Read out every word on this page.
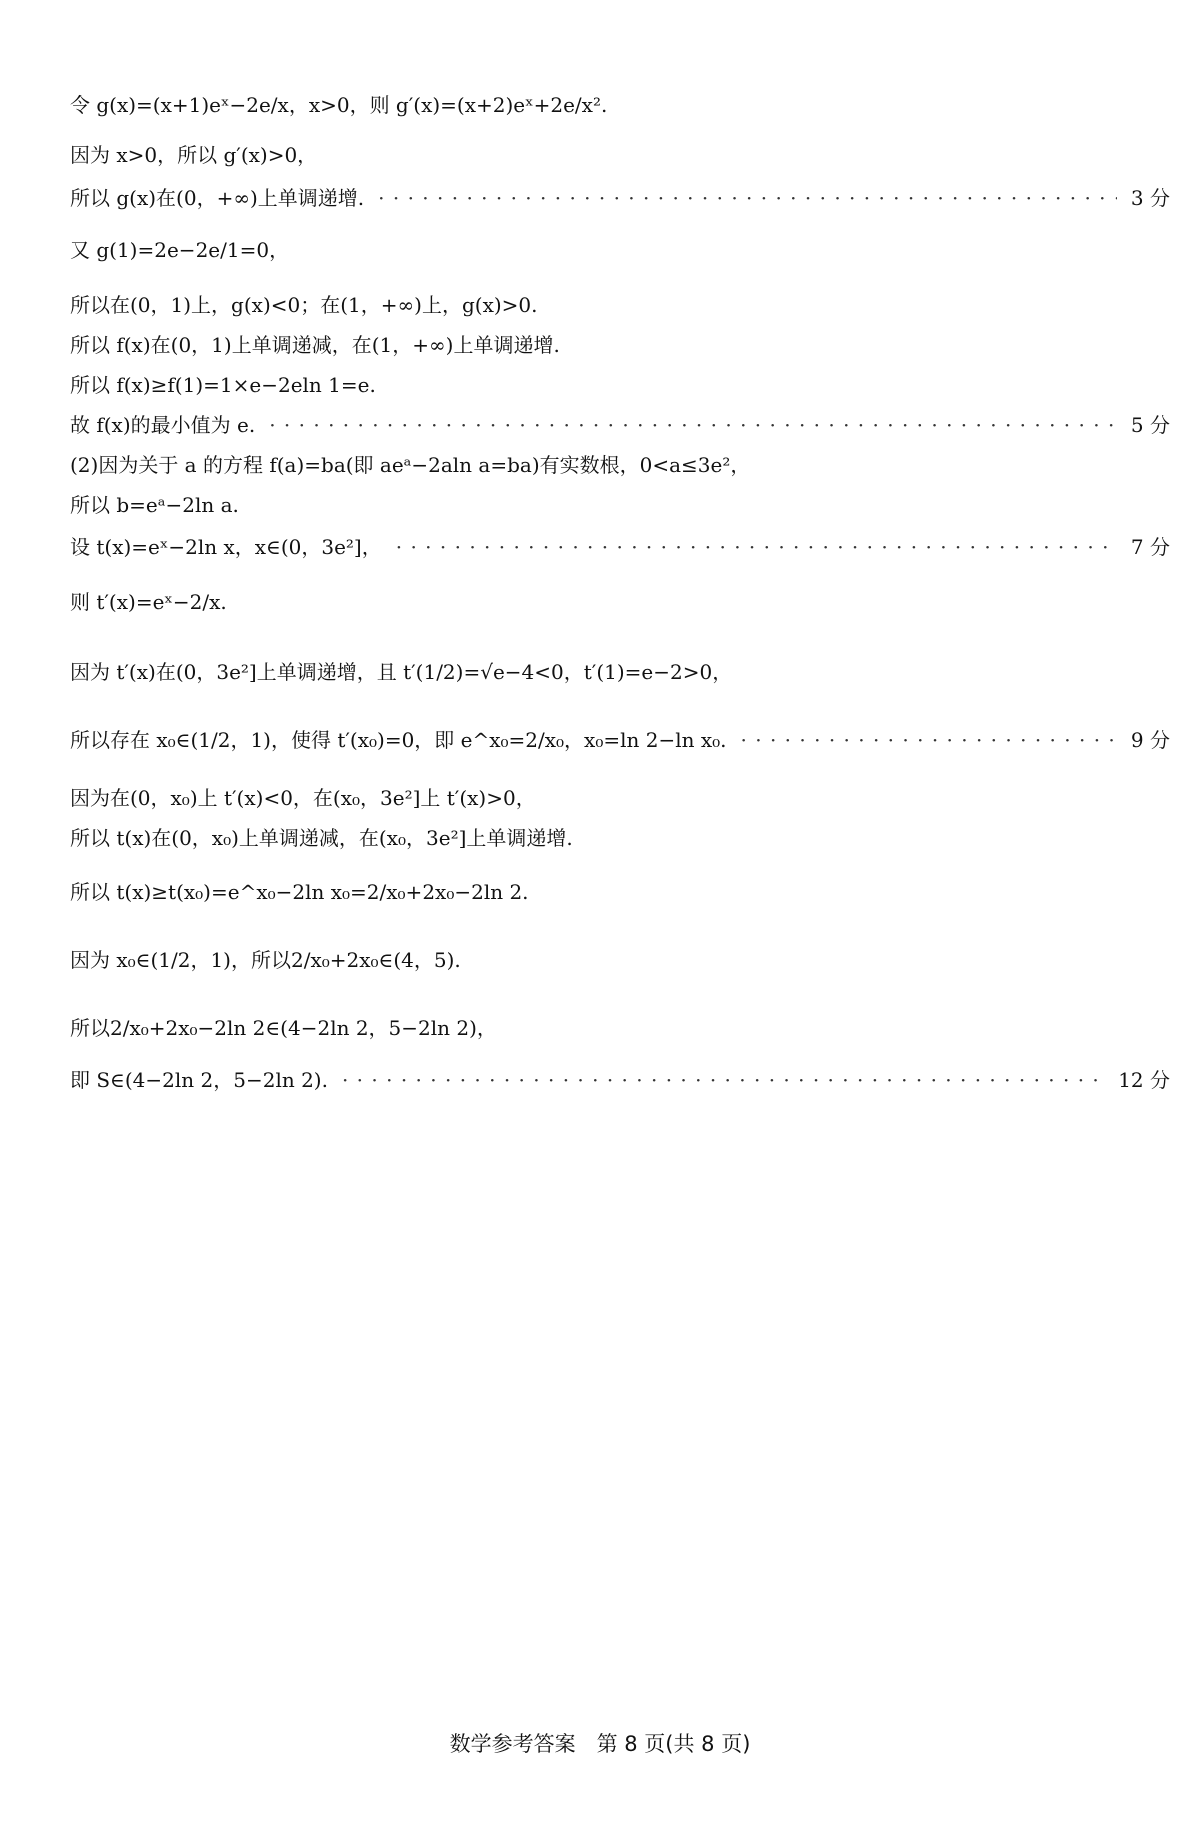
令 g(x)=(x+1)eˣ−2e/x，x>0，则 g′(x)=(x+2)eˣ+2e/x².
因为 x>0，所以 g′(x)>0，
所以 g(x)在(0，+∞)上单调递增. · · ·	3 分
又 g(1)=2e−2e/1=0，
所以在(0，1)上，g(x)<0；在(1，+∞)上，g(x)>0.
所以 f(x)在(0，1)上单调递减，在(1，+∞)上单调递增.
所以 f(x)≥f(1)=1×e−2eln 1=e.
故 f(x)的最小值为 e. · · ·	5 分
(2)因为关于 a 的方程 f(a)=ba(即 aeᵃ−2aln a=ba)有实数根，0<a≤3e²，
所以 b=eᵃ−2ln a.
设 t(x)=eˣ−2ln x，x∈(0，3e²]， · · ·	7 分
则 t′(x)=eˣ−2/x.
因为 t′(x)在(0，3e²]上单调递增，且 t′(1/2)=√e−4<0，t′(1)=e−2>0，
所以存在 x₀∈(1/2，1)，使得 t′(x₀)=0，即 e^x₀=2/x₀，x₀=ln 2−ln x₀. · · ·	9 分
因为在(0，x₀)上 t′(x)<0，在(x₀，3e²]上 t′(x)>0，
所以 t(x)在(0，x₀)上单调递减，在(x₀，3e²]上单调递增.
所以 t(x)≥t(x₀)=e^x₀−2ln x₀=2/x₀+2x₀−2ln 2.
因为 x₀∈(1/2，1)，所以2/x₀+2x₀∈(4，5).
所以2/x₀+2x₀−2ln 2∈(4−2ln 2，5−2ln 2)，
即 S∈(4−2ln 2，5−2ln 2). · · ·	12 分
数学参考答案　第 8 页(共 8 页)
